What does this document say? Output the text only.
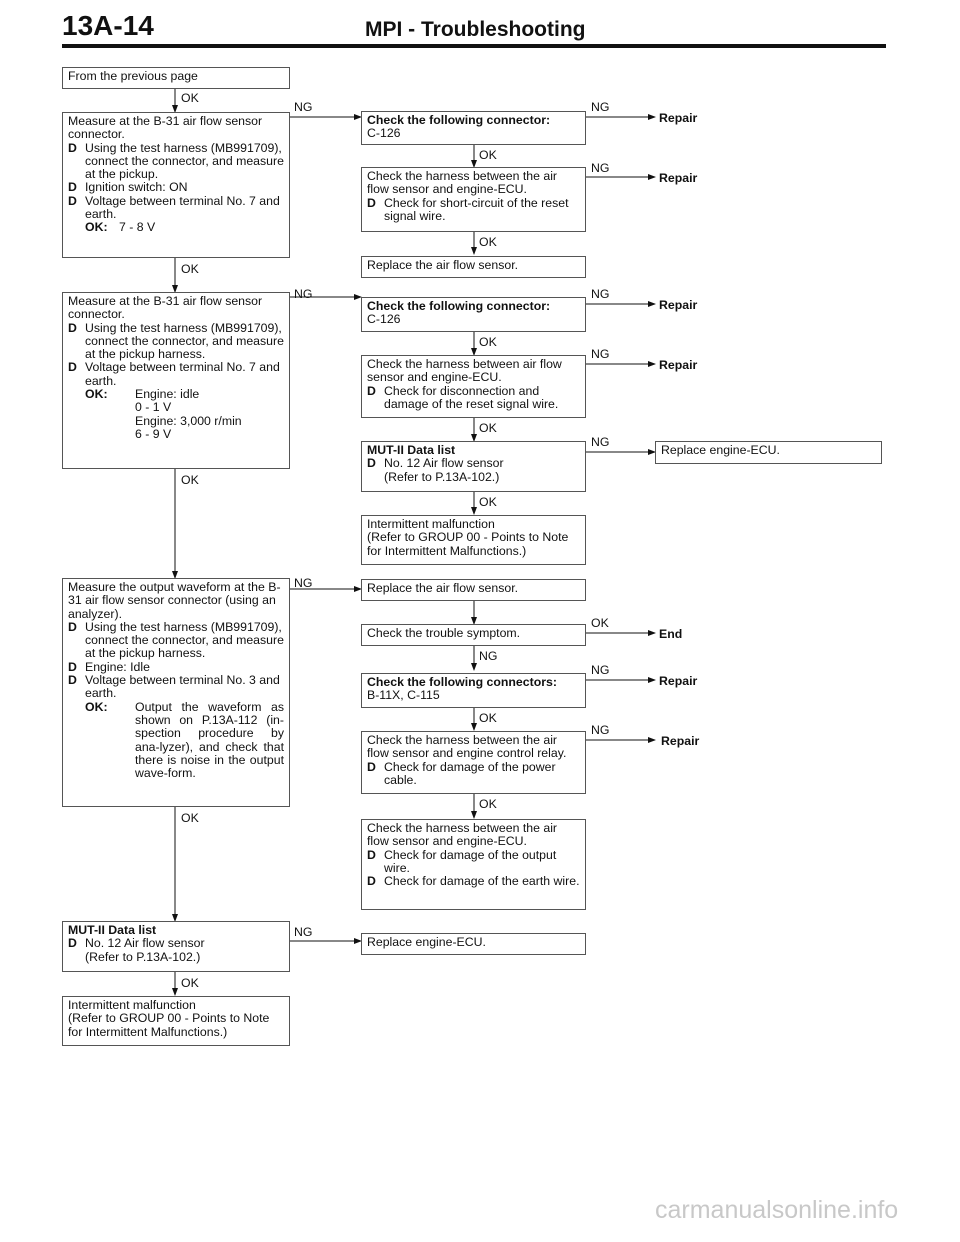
13A-14	MPI - Troubleshooting
From the previous page
OK
Measure at the B-31 air flow sensor connector.
D Using the test harness (MB991709), connect the connector, and measure at the pickup.
D Ignition switch: ON
D Voltage between terminal No. 7 and earth.
OK: 7 - 8 V
OK
Measure at the B-31 air flow sensor connector.
D Using the test harness (MB991709), connect the connector, and measure at the pickup harness.
D Voltage between terminal No. 7 and earth.
OK:	Engine: idle
0 - 1 V
Engine: 3,000 r/min
6 - 9 V
OK
Measure the output waveform at the B-31 air flow sensor connector (using an analyzer).
D Using the test harness (MB991709), connect the connector, and measure at the pickup harness.
D Engine: Idle
D Voltage between terminal No. 3 and earth.
OK:	Output the waveform as shown on P.13A-112 (in-spection procedure by ana-lyzer), and check that there is noise in the output wave-form.
OK
MUT-II Data list
D No. 12 Air flow sensor
(Refer to P.13A-102.)
OK
Intermittent malfunction
(Refer to GROUP 00 - Points to Note
for Intermittent Malfunctions.)
NG
NG
NG
NG
Check the following connector:
C-126
OK
Check the harness between the air flow sensor and engine-ECU.
D Check for short-circuit of the reset signal wire.
OK
Replace the air flow sensor.
Check the following connector:
C-126
OK
Check the harness between air flow sensor and engine-ECU.
D Check for disconnection and damage of the reset signal wire.
OK
MUT-II Data list
D No. 12 Air flow sensor
(Refer to P.13A-102.)
OK
Intermittent malfunction
(Refer to GROUP 00 - Points to Note
for Intermittent Malfunctions.)
Replace the air flow sensor.
Check the trouble symptom.
NG
Check the following connectors:
B-11X, C-115
OK
Check the harness between the air flow sensor and engine control relay.
D Check for damage of the power cable.
OK
Check the harness between the air flow sensor and engine-ECU.
D Check for damage of the output wire.
D Check for damage of the earth wire.
Replace engine-ECU.
NG
NG
NG
NG
NG
OK
NG
NG
Repair
Repair
Repair
Repair
Replace engine-ECU.
End
Repair
Repair
carmanualsonline.info
